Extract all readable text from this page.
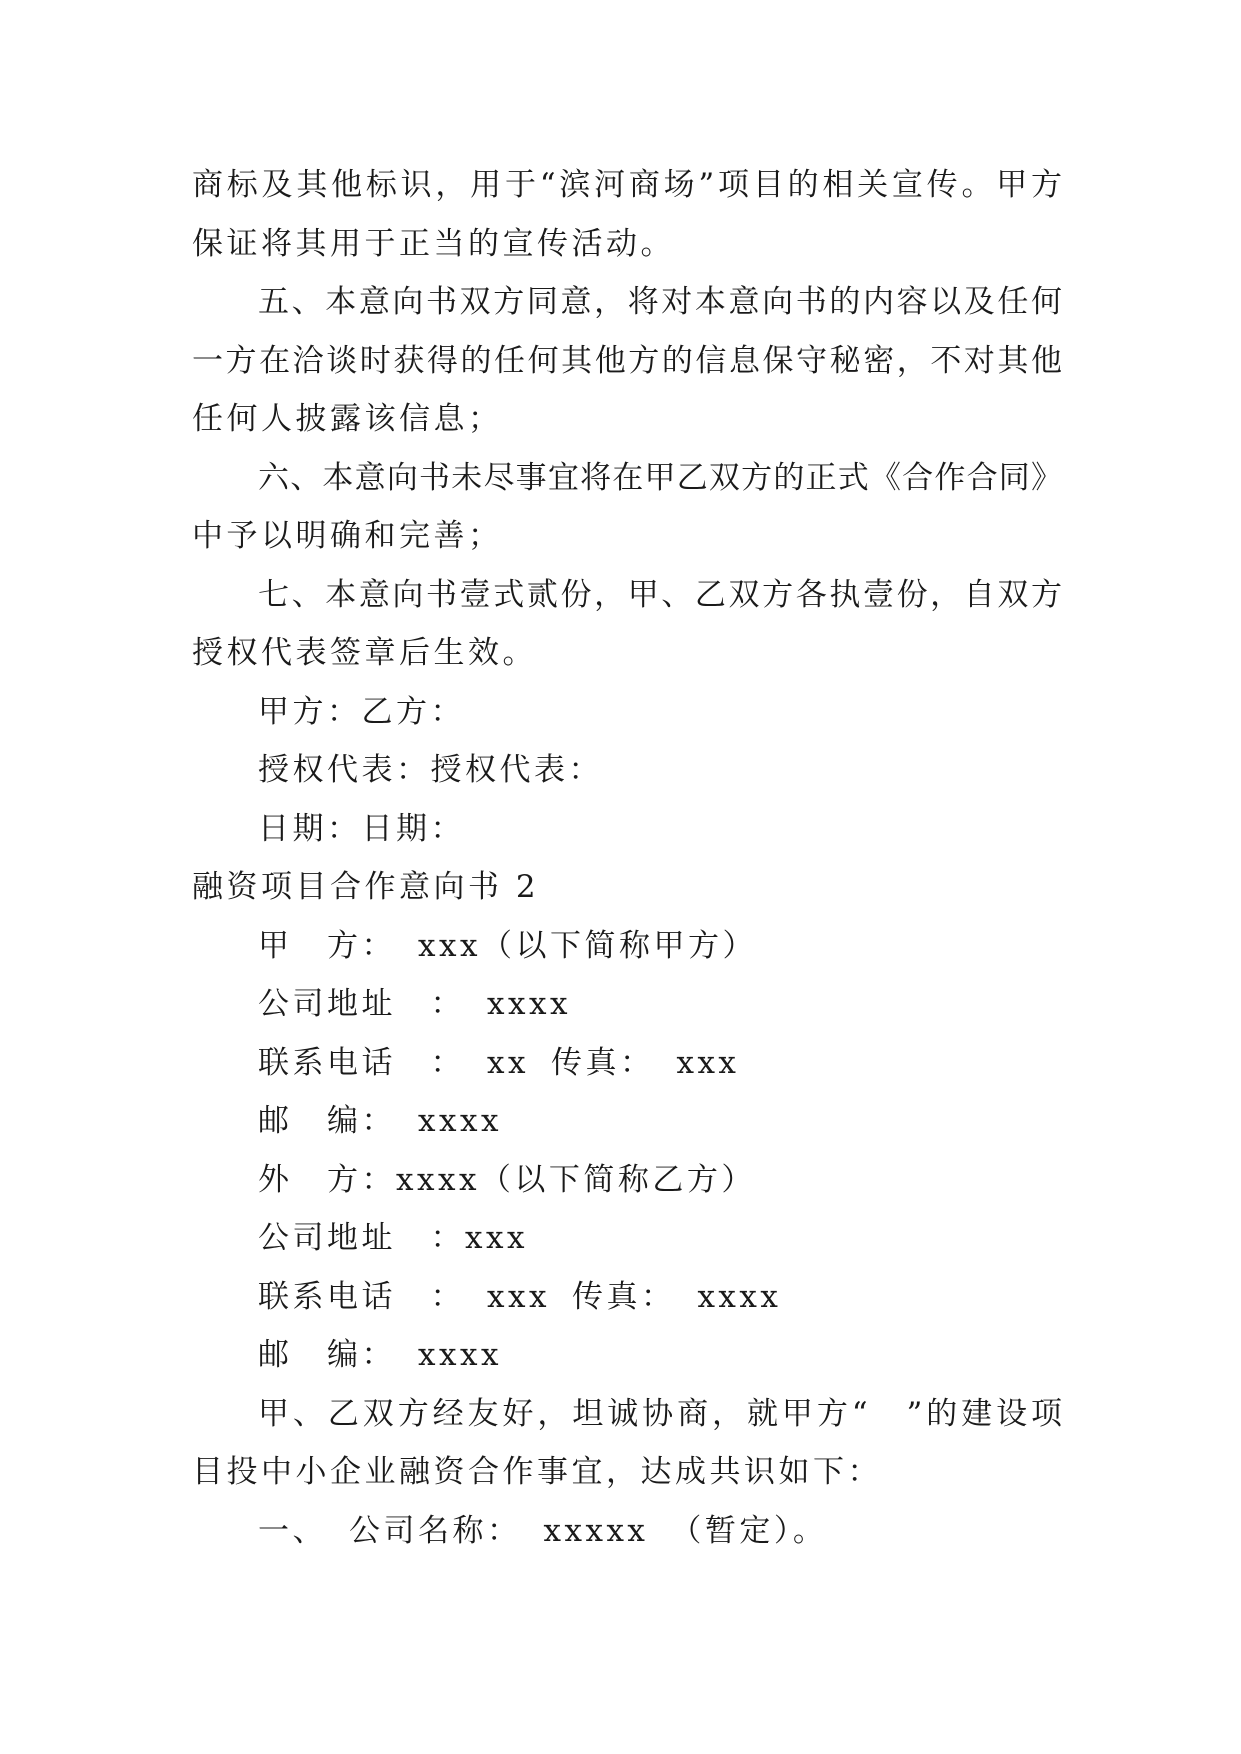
商标及其他标识，用于“滨河商场”项目的相关宣传。甲方
保证将其用于正当的宣传活动。
五、本意向书双方同意，将对本意向书的内容以及任何
一方在洽谈时获得的任何其他方的信息保守秘密，不对其他
任何人披露该信息；
六、本意向书未尽事宜将在甲乙双方的正式《合作合同》
中予以明确和完善；
七、本意向书壹式贰份，甲、乙双方各执壹份，自双方
授权代表签章后生效。
甲方：乙方：
授权代表：授权代表：
日期：日期：
融资项目合作意向书 2
甲　方： xxx（以下简称甲方）
公司地址　： xxxx
联系电话　： xx 传真： xxx
邮　编： xxxx
外　方：xxxx（以下简称乙方）
公司地址　：xxx
联系电话　： xxx 传真： xxxx
邮　编： xxxx
甲、乙双方经友好，坦诚协商，就甲方“　”的建设项
目投中小企业融资合作事宜，达成共识如下：
一、 公司名称： xxxxx （暂定）。
